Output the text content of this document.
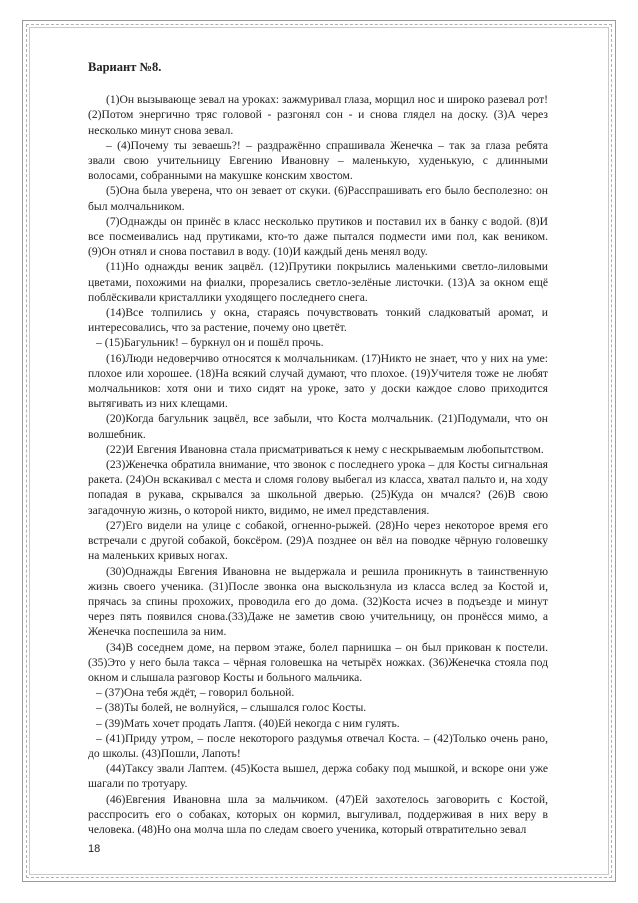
Вариант №8.

(1)Он вызывающе зевал на уроках: зажмуривал глаза, морщил нос и широко разевал рот! (2)Потом энергично тряс головой - разгонял сон - и снова глядел на доску. (3)А через несколько минут снова зевал.

– (4)Почему ты зеваешь?! – раздражённо спрашивала Женечка – так за глаза ребята звали свою учительницу Евгению Ивановну – маленькую, худенькую, с длинными волосами, собранными на макушке конским хвостом.

(5)Она была уверена, что он зевает от скуки. (6)Расспрашивать его было бесполезно: он был молчальником.

(7)Однажды он принёс в класс несколько прутиков и поставил их в банку с водой. (8)И все посмеивались над прутиками, кто-то даже пытался подмести ими пол, как веником. (9)Он отнял и снова поставил в воду. (10)И каждый день менял воду.

(11)Но однажды веник зацвёл. (12)Прутики покрылись маленькими светло-лиловыми цветами, похожими на фиалки, прорезались светло-зелёные листочки. (13)А за окном ещё поблёскивали кристаллики уходящего последнего снега.

(14)Все толпились у окна, стараясь почувствовать тонкий сладковатый аромат, и интересовались, что за растение, почему оно цветёт.

– (15)Багульник! – буркнул он и пошёл прочь.

(16)Люди недоверчиво относятся к молчальникам. (17)Никто не знает, что у них на уме: плохое или хорошее. (18)На всякий случай думают, что плохое. (19)Учителя тоже не любят молчальников: хотя они и тихо сидят на уроке, зато у доски каждое слово приходится вытягивать из них клещами.

(20)Когда багульник зацвёл, все забыли, что Коста молчальник. (21)Подумали, что он волшебник.

(22)И Евгения Ивановна стала присматриваться к нему с нескрываемым любопытством.

(23)Женечка обратила внимание, что звонок с последнего урока – для Косты сигнальная ракета. (24)Он вскакивал с места и сломя голову выбегал из класса, хватал пальто и, на ходу попадая в рукава, скрывался за школьной дверью. (25)Куда он мчался? (26)В свою загадочную жизнь, о которой никто, видимо, не имел представления.

(27)Его видели на улице с собакой, огненно-рыжей. (28)Но через некоторое время его встречали с другой собакой, боксёром. (29)А позднее он вёл на поводке чёрную головешку на маленьких кривых ногах.

(30)Однажды Евгения Ивановна не выдержала и решила проникнуть в таинственную жизнь своего ученика. (31)После звонка она выскользнула из класса вслед за Костой и, прячась за спины прохожих, проводила его до дома. (32)Коста исчез в подъезде и минут через пять появился снова.(33)Даже не заметив свою учительницу, он пронёсся мимо, а Женечка поспешила за ним.

(34)В соседнем доме, на первом этаже, болел парнишка – он был прикован к постели. (35)Это у него была такса – чёрная головешка на четырёх ножках. (36)Женечка стояла под окном и слышала разговор Косты и больного мальчика.

– (37)Она тебя ждёт, – говорил больной.

– (38)Ты болей, не волнуйся, – слышался голос Косты.

– (39)Мать хочет продать Лаптя. (40)Ей некогда с ним гулять.

– (41)Приду утром, – после некоторого раздумья отвечал Коста. – (42)Только очень рано, до школы. (43)Пошли, Лапоть!

(44)Таксу звали Лаптем. (45)Коста вышел, держа собаку под мышкой, и вскоре они уже шагали по тротуару.

(46)Евгения Ивановна шла за мальчиком. (47)Ей захотелось заговорить с Костой, расспросить его о собаках, которых он кормил, выгуливал, поддерживая в них веру в человека. (48)Но она молча шла по следам своего ученика, который отвратительно зевал

18
